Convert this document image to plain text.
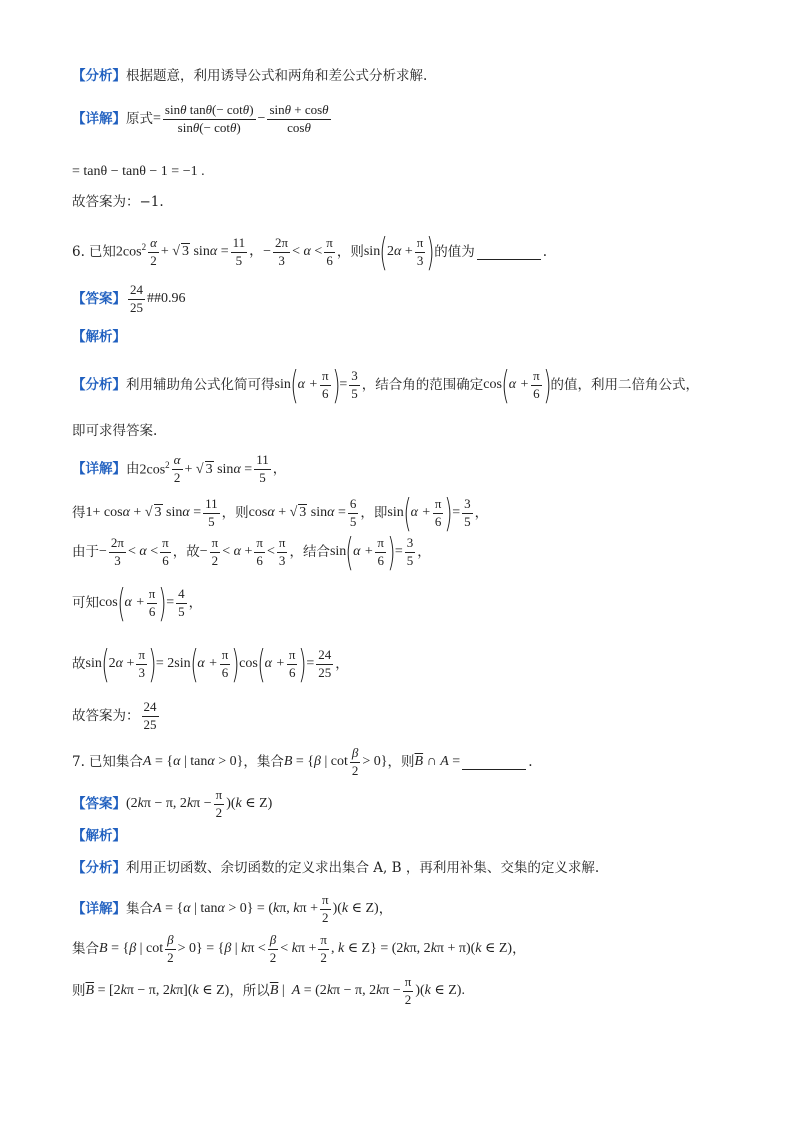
【分析】 根据题意，利用诱导公式和两角和差公式分析求解.
【详解】 原式 = $\frac{\text{sinθ tanθ(− cotθ)}}{\sin\theta(- \cot\theta)} - \frac{\sin\theta + \cos\theta}{\cos\theta}$
= tanθ − tanθ − 1 = −1 .
故答案为：−1.
6. 已知 $2\cos^2 \frac{\alpha}{2}$ + √ 3 $\sin\alpha = \frac{11}{5}$ ，− $\frac{2\pi}{3} < \alpha < \frac{\pi}{6}$ ，则 sin ( $2\alpha + \frac{\pi}{3}$ ) 的值为	.
【答案】 $\frac{24}{25}$ ##0.96
【解析】
【分析】 利用辅助角公式化简可得 sin ( $\alpha + \frac{\pi}{6}$ ) = $\frac{3}{5}$ ，结合角的范围确定 cos ( $\alpha + \frac{\pi}{6}$ ) 的值，利用二倍角公式，
即可求得答案.
【详解】 由 $2\cos^2 \frac{\alpha}{2}$ + √ 3 $\sin\alpha = \frac{11}{5}$ ，
得 1+ cosα + √ 3 $\sin\alpha = \frac{11}{5}$ ，则 cosα + √ 3 $\sin\alpha = \frac{6}{5}$ ，即 sin ( $\alpha + \frac{\pi}{6}$ ) = $\frac{3}{5}$ ，
由于 − $\frac{2\pi}{3} < \alpha < \frac{\pi}{6}$ ，故 − $\frac{\pi}{2} < \alpha + \frac{\pi}{6} < \frac{\pi}{3}$ ，结合 sin ( $\alpha + \frac{\pi}{6}$ ) = $\frac{3}{5}$ ，
可知 cos ( $\alpha + \frac{\pi}{6}$ ) = $\frac{4}{5}$ ，
故 sin ( $2\alpha + \frac{\pi}{3}$ ) = 2sin ( $\alpha + \frac{\pi}{6}$ ) cos ( $\alpha + \frac{\pi}{6}$ ) = $\frac{24}{25}$ ，
故答案为： $\frac{24}{25}$
7. 已知集合 A = {α | tanα > 0} ，集合 B = {β | $\cot \frac{\beta}{2} > 0$} ，则 $\overline{B}$ ∩ A =	.
【答案】 (2kπ − π, $2k\pi - \frac{\pi}{2} )(k$ ∈ Z)
【解析】
【分析】 利用正切函数、余切函数的定义求出集合 A, B ，再利用补集、交集的定义求解.
【详解】 集合 A = {α | tanα > 0} = (kπ, $k\pi + \frac{\pi}{2} )(k$ ∈ Z) ，
集合 B = {β | $\cot \frac{\beta}{2} > 0\} = \{\beta$ | $k\pi < \frac{\beta}{2} < k\pi + \frac{\pi}{2}$ , k ∈ Z} = (2kπ, 2kπ + π)(k ∈ Z) ，
则 $\overline{B} = [2k\pi - \pi$, 2kπ](k ∈ Z) ，所以 $\overline{B}$ |  A = (2kπ − π, $2k\pi - \frac{\pi}{2} )(k$ ∈ Z).
